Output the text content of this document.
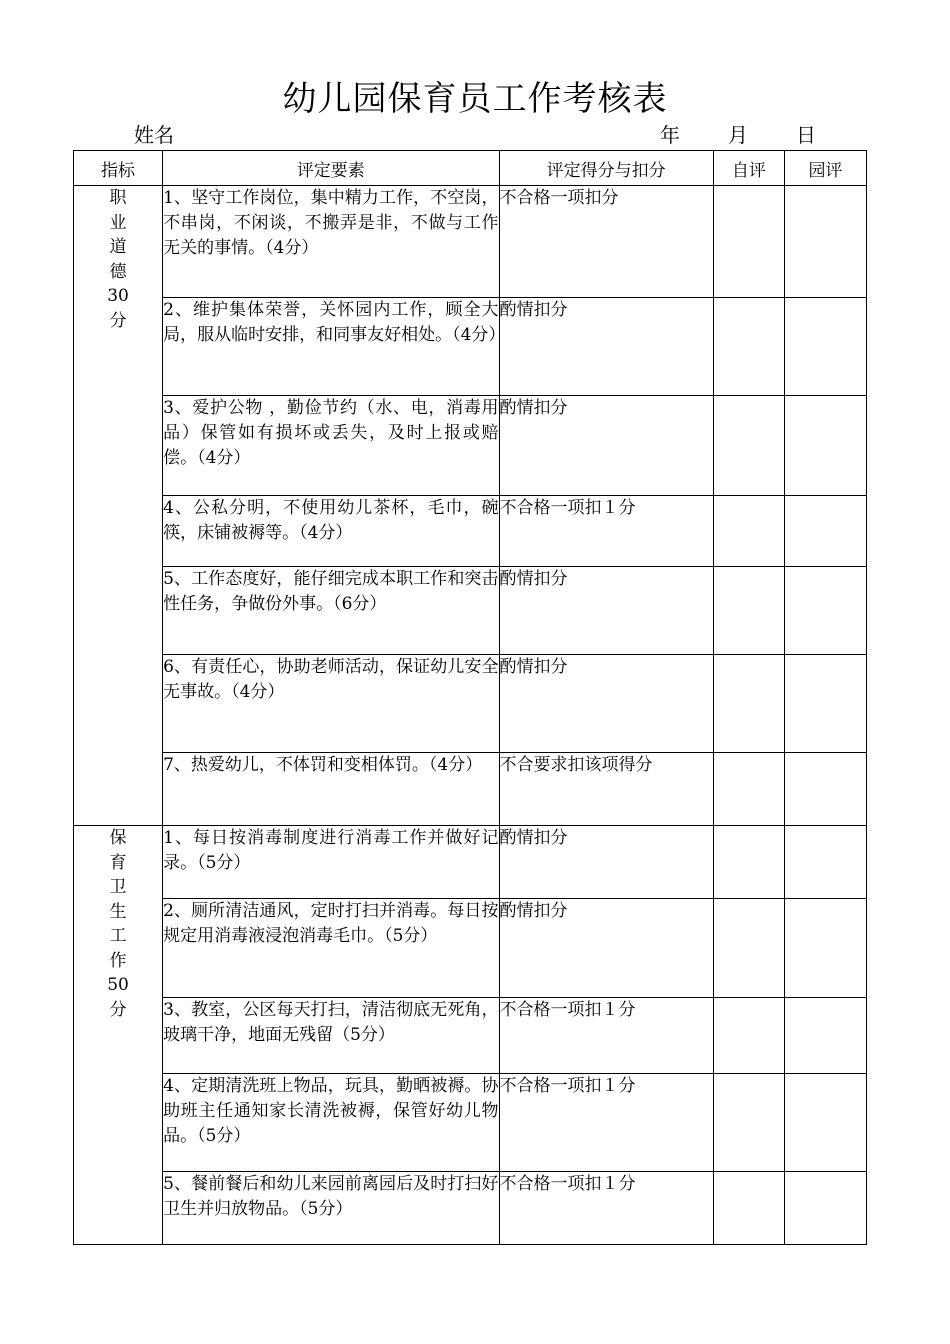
幼儿园保育员工作考核表
姓名	年 月 日
指标	评定要素	评定得分与扣分	自评	园评
职业道德30分	1、坚守工作岗位，集中精力工作，不空岗，不串岗，不闲谈，不搬弄是非，不做与工作无关的事情。（4分）	不合格一项扣分		
	2、维护集体荣誉，关怀园内工作，顾全大局，服从临时安排，和同事友好相处。（4分）	酌情扣分		
	3、爱护公物 ，勤俭节约（水、电，消毒用品）保管如有损坏或丢失，及时上报或赔偿。（4分）	酌情扣分		
	4、公私分明，不使用幼儿茶杯，毛巾，碗筷，床铺被褥等。（4分）	不合格一项扣１分		
	5、工作态度好，能仔细完成本职工作和突击性任务，争做份外事。（6分）	酌情扣分		
	6、有责任心，协助老师活动，保证幼儿安全无事故。（4分）	酌情扣分		
	7、热爱幼儿，不体罚和变相体罚。（4分）	不合要求扣该项得分		
保育卫生工作50分	1、每日按消毒制度进行消毒工作并做好记录。（5分）	酌情扣分		
	2、厕所清洁通风，定时打扫并消毒。每日按规定用消毒液浸泡消毒毛巾。（5分）	酌情扣分		
	3、教室，公区每天打扫，清洁彻底无死角，玻璃干净，地面无残留（5分）	不合格一项扣１分		
	4、定期清洗班上物品，玩具，勤晒被褥。协助班主任通知家长清洗被褥，保管好幼儿物品。（5分）	不合格一项扣１分		
	5、餐前餐后和幼儿来园前离园后及时打扫好卫生并归放物品。（5分）	不合格一项扣１分		
